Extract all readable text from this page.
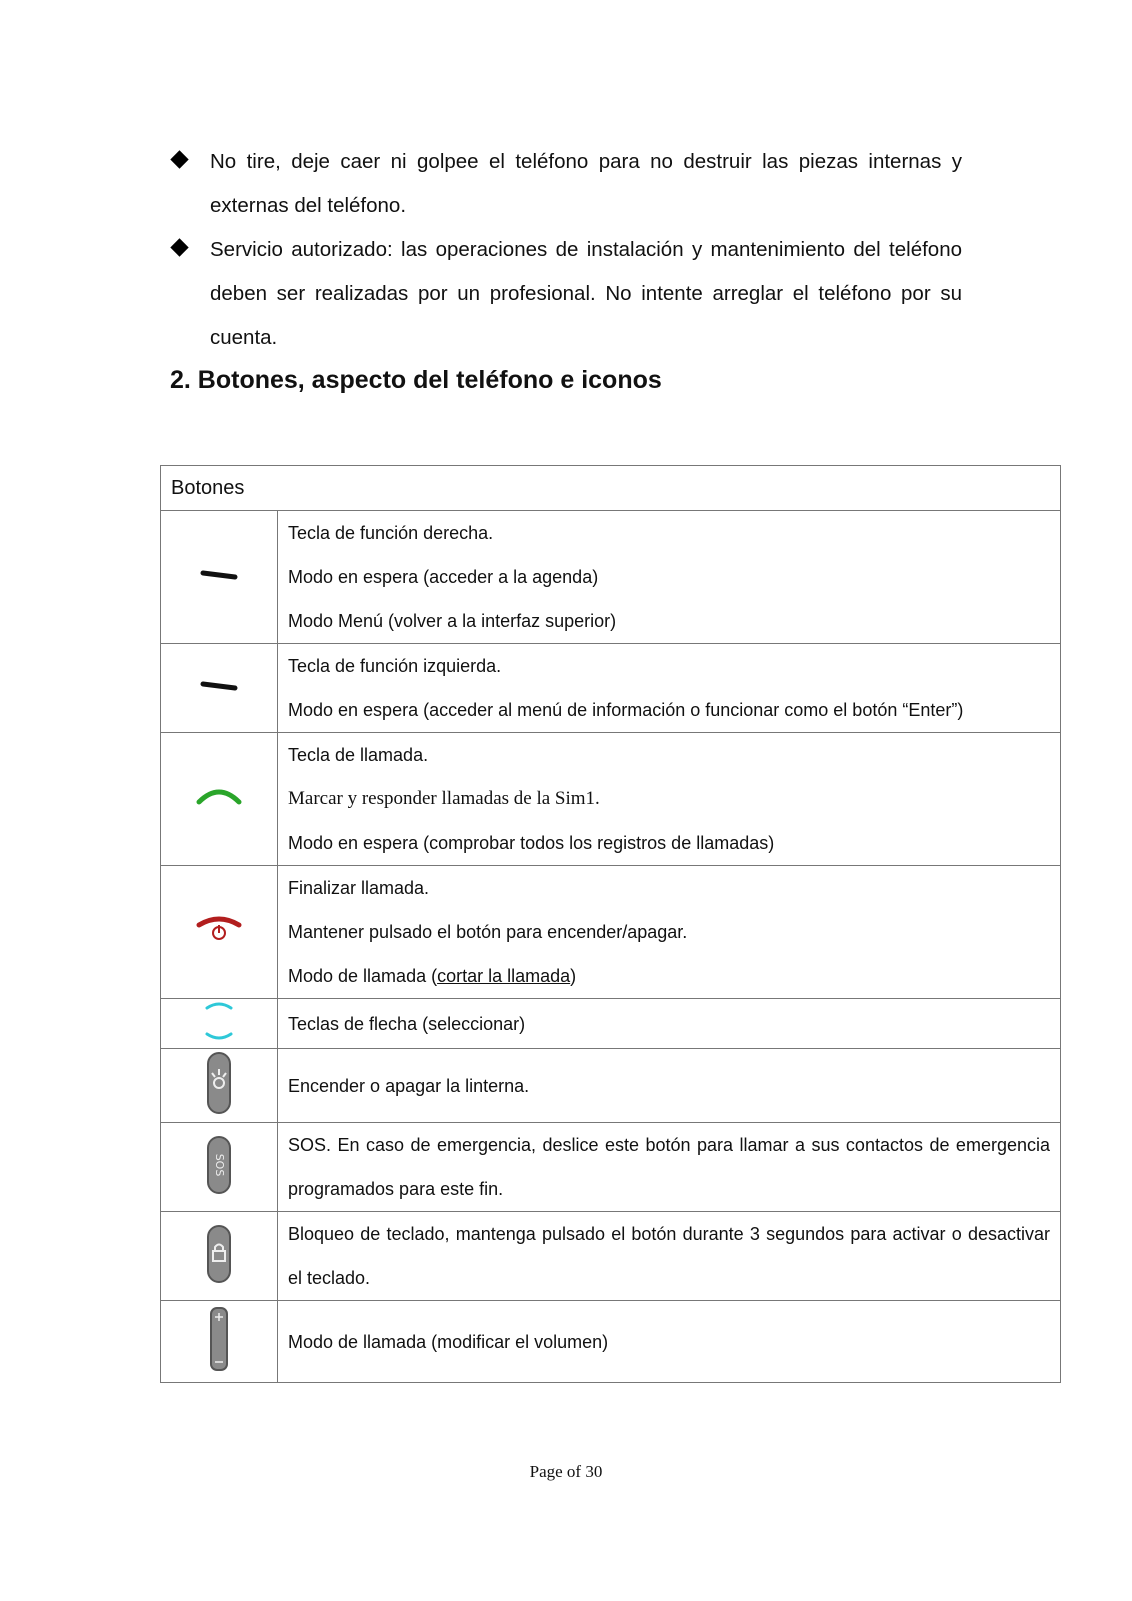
No tire, deje caer ni golpee el teléfono para no destruir las piezas internas y externas del teléfono.
Servicio autorizado: las operaciones de instalación y mantenimiento del teléfono deben ser realizadas por un profesional. No intente arreglar el teléfono por su cuenta.
2. Botones, aspecto del teléfono e iconos
Botones	

Tecla de función derecha.
Modo en espera (acceder a la agenda)
Modo Menú (volver a la interfaz superior)

Tecla de función izquierda.
Modo en espera (acceder al menú de información o funcionar como el botón “Enter”)

Tecla de llamada.
Marcar y responder llamadas de la Sim1.
Modo en espera (comprobar todos los registros de llamadas)

Finalizar llamada.
Mantener pulsado el botón para encender/apagar.
Modo de llamada (cortar la llamada)

Teclas de flecha (seleccionar)

Encender o apagar la linterna.

SOS	SOS. En caso de emergencia, deslice este botón para llamar a sus contactos de emergencia programados para este fin.
	Bloqueo de teclado, mantenga pulsado el botón durante 3 segundos para activar o desactivar el teclado.

Modo de llamada (modificar el volumen)
Page of 30
